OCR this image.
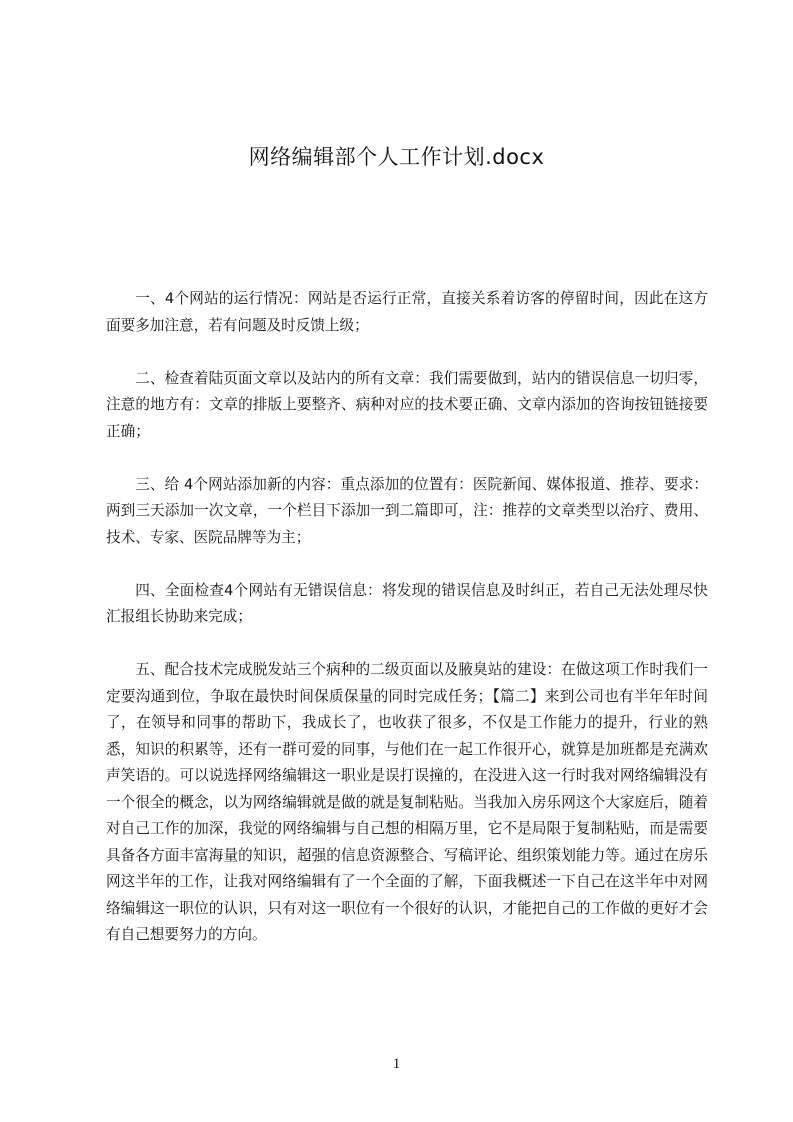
网络编辑部个人工作计划.docx

一、4个网站的运行情况：网站是否运行正常，直接关系着访客的停留时间，因此在这方面要多加注意，若有问题及时反馈上级；

二、检查着陆页面文章以及站内的所有文章：我们需要做到，站内的错误信息一切归零，注意的地方有：文章的排版上要整齐、病种对应的技术要正确、文章内添加的咨询按钮链接要正确；

三、给 4个网站添加新的内容：重点添加的位置有：医院新闻、媒体报道、推荐、要求：两到三天添加一次文章，一个栏目下添加一到二篇即可，注：推荐的文章类型以治疗、费用、技术、专家、医院品牌等为主；

四、全面检查4个网站有无错误信息：将发现的错误信息及时纠正，若自己无法处理尽快汇报组长协助来完成；

五、配合技术完成脱发站三个病种的二级页面以及腋臭站的建设：在做这项工作时我们一定要沟通到位，争取在最快时间保质保量的同时完成任务；【篇二】来到公司也有半年年时间了，在领导和同事的帮助下，我成长了，也收获了很多，不仅是工作能力的提升，行业的熟悉，知识的积累等，还有一群可爱的同事，与他们在一起工作很开心，就算是加班都是充满欢声笑语的。可以说选择网络编辑这一职业是误打误撞的，在没进入这一行时我对网络编辑没有一个很全的概念，以为网络编辑就是做的就是复制粘贴。当我加入房乐网这个大家庭后，随着对自己工作的加深，我觉的网络编辑与自己想的相隔万里，它不是局限于复制粘贴，而是需要具备各方面丰富海量的知识，超强的信息资源整合、写稿评论、组织策划能力等。通过在房乐网这半年的工作，让我对网络编辑有了一个全面的了解，下面我概述一下自己在这半年中对网络编辑这一职位的认识，只有对这一职位有一个很好的认识，才能把自己的工作做的更好才会有自己想要努力的方向。

1
